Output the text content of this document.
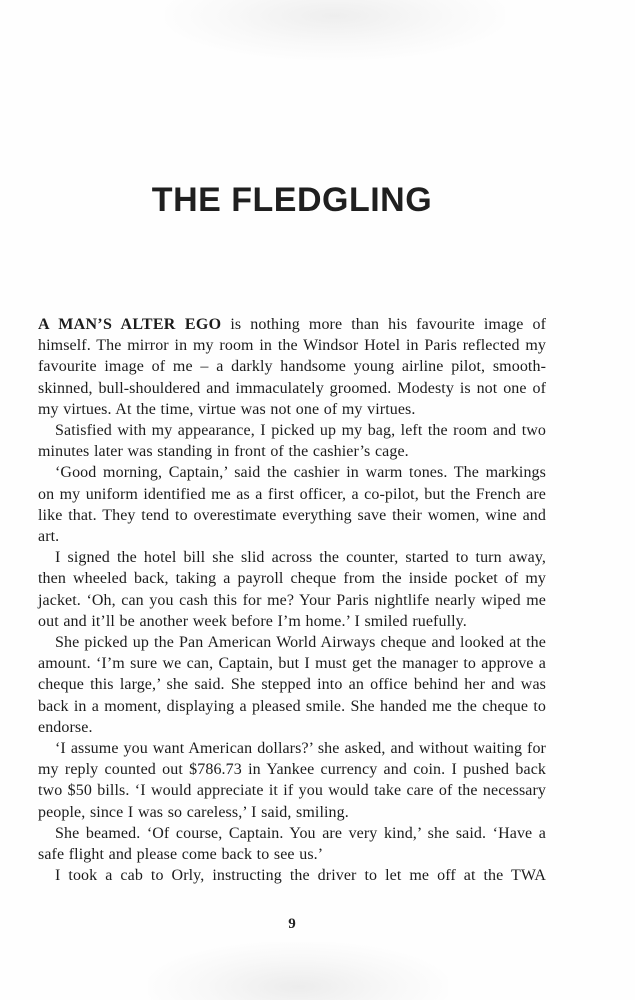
THE FLEDGLING

A MAN’S ALTER EGO is nothing more than his favourite image of himself. The mirror in my room in the Windsor Hotel in Paris reflected my favourite image of me – a darkly handsome young airline pilot, smooth-skinned, bull-shouldered and immaculately groomed. Modesty is not one of my virtues. At the time, virtue was not one of my virtues.

Satisfied with my appearance, I picked up my bag, left the room and two minutes later was standing in front of the cashier’s cage.

‘Good morning, Captain,’ said the cashier in warm tones. The markings on my uniform identified me as a first officer, a co-pilot, but the French are like that. They tend to overestimate everything save their women, wine and art.

I signed the hotel bill she slid across the counter, started to turn away, then wheeled back, taking a payroll cheque from the inside pocket of my jacket. ‘Oh, can you cash this for me? Your Paris nightlife nearly wiped me out and it’ll be another week before I’m home.’ I smiled ruefully.

She picked up the Pan American World Airways cheque and looked at the amount. ‘I’m sure we can, Captain, but I must get the manager to approve a cheque this large,’ she said. She stepped into an office behind her and was back in a moment, displaying a pleased smile. She handed me the cheque to endorse.

‘I assume you want American dollars?’ she asked, and without waiting for my reply counted out $786.73 in Yankee currency and coin. I pushed back two $50 bills. ‘I would appreciate it if you would take care of the necessary people, since I was so careless,’ I said, smiling.

She beamed. ‘Of course, Captain. You are very kind,’ she said. ‘Have a safe flight and please come back to see us.’

I took a cab to Orly, instructing the driver to let me off at the TWA

9
